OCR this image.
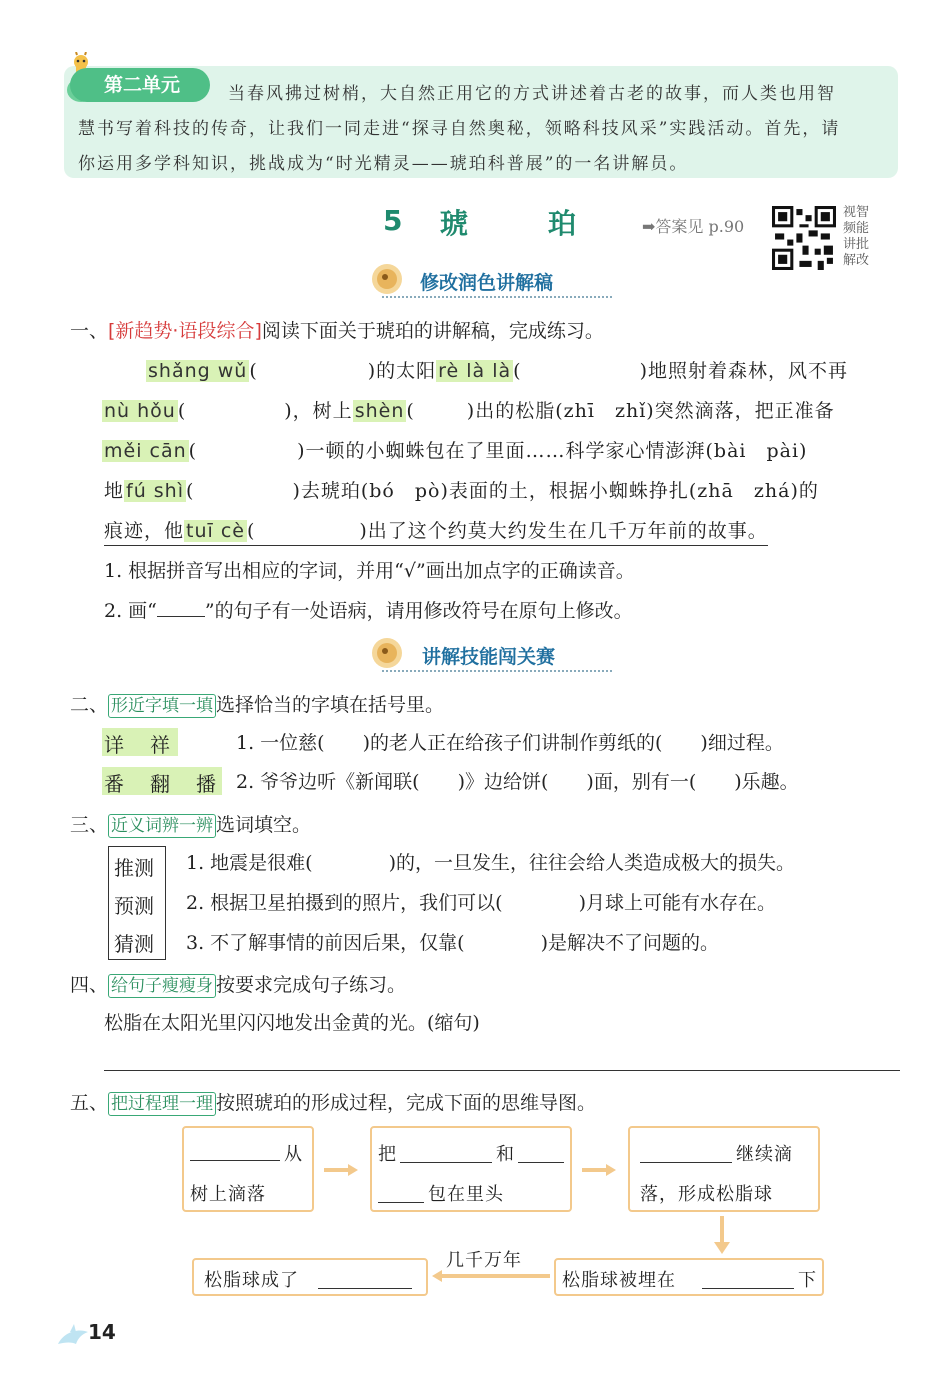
第二单元	当春风拂过树梢，大自然正用它的方式讲述着古老的故事，而人类也用智
慧书写着科技的传奇，让我们一同走进“探寻自然奥秘，领略科技风采”实践活动。首先，请
你运用多学科知识，挑战成为“时光精灵——琥珀科普展”的一名讲解员。
5 琥	珀	➡答案见 p.90
视智频能讲批解改
修改润色讲解稿
一、[新趋势·语段综合]阅读下面关于琥珀的讲解稿，完成练习。
shǎng wǔ (	)的太阳 rè là là (	)地照射着森林，风不再
nù hǒu (	)，树上 shèn (	)出的松脂(zhī　zhǐ)突然滴落，把正准备
měi cān (	)一顿的小蜘蛛包在了里面……科学家心情澎湃(bài　pài)
地 fú shì (	)去琥珀(bó　pò)表面的土，根据小蜘蛛挣扎(zhā　zhá)的
痕迹，他 tuī cè (	)出了这个约莫大约发生在几千万年前的故事。
1. 根据拼音写出相应的字词，并用“√”画出加点字的正确读音。
2. 画“	”的句子有一处语病，请用修改符号在原句上修改。
讲解技能闯关赛
二、 形近字填一填 选择恰当的字填在括号里。
详 祥	1. 一位慈(　　)的老人正在给孩子们讲制作剪纸的(　　)细过程。
番 翻 播 2. 爷爷边听《新闻联(　　)》边给饼(　　)面，别有一(　　)乐趣。
三、 近义词辨一辨 选词填空。
推测
预测
猜测
1. 地震是很难(　　　　)的，一旦发生，往往会给人类造成极大的损失。
2. 根据卫星拍摄到的照片，我们可以(　　　　)月球上可能有水存在。
3. 不了解事情的前因后果，仅靠(　　　　)是解决不了问题的。
四、 给句子瘦瘦身 按要求完成句子练习。
松脂在太阳光里闪闪地发出金黄的光。(缩句)
五、 把过程理一理 按照琥珀的形成过程，完成下面的思维导图。
从
树上滴落
把	和
包在里头
继续滴
落，形成松脂球
松脂球被埋在	下
几千万年
松脂球成了
14
